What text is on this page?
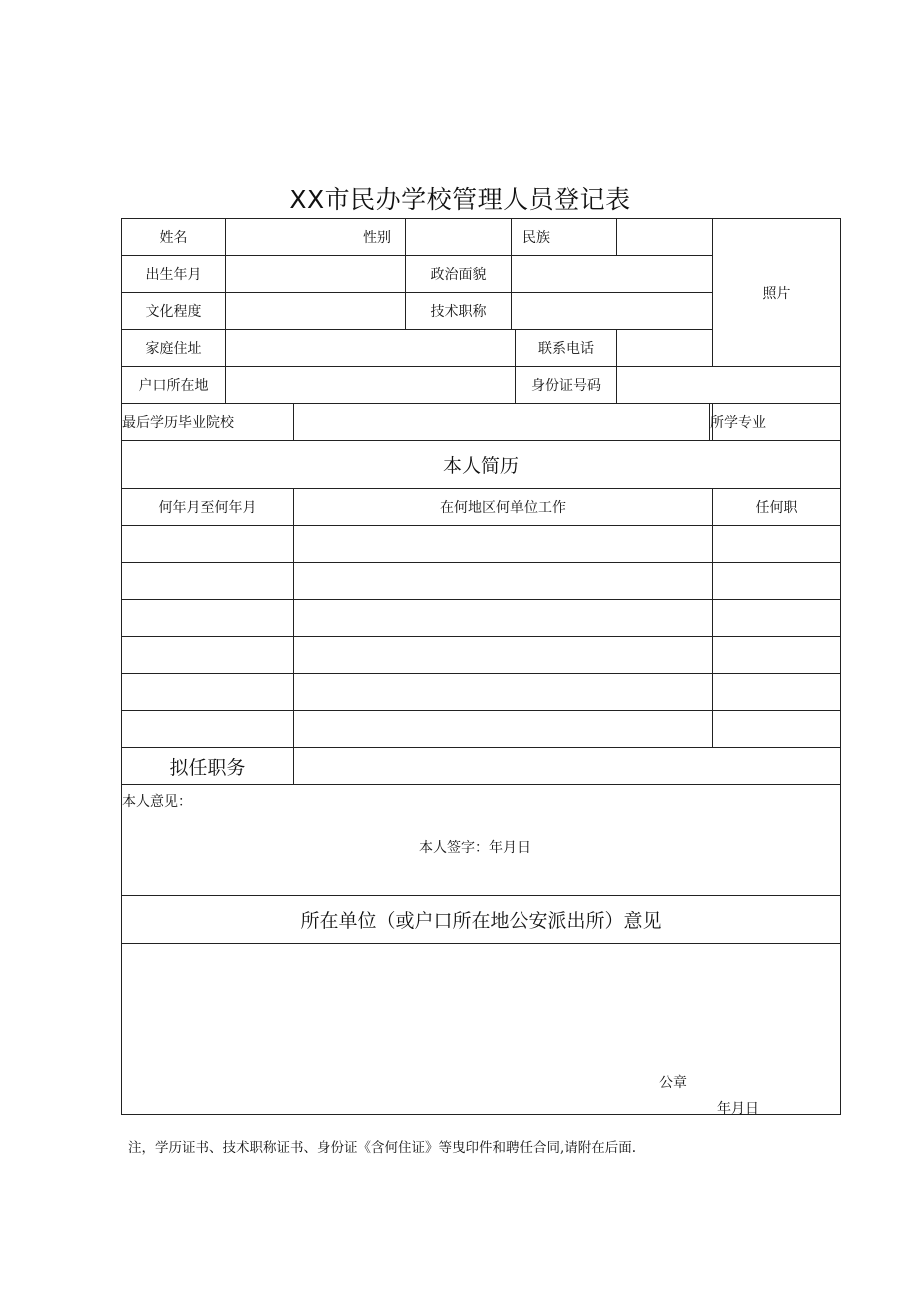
XX市民办学校管理人员登记表
姓名	性别			民族				照片
出生年月			政治面貌					
文化程度			技术职称					
家庭住址					联系电话			
户口所在地					身份证号码			
最后学历毕业院校							所学专业	
本人简历								
何年月至何年月		在何地区何单位工作						任何职

拟任职务								

本人意见：
本人签字：年月日								

所在单位（或户口所在地公安派出所）意见								

公章
年月日								
注，学历证书、技术职称证书、身份证《含何住证》等曳印件和聘任合同,请附在后面.
